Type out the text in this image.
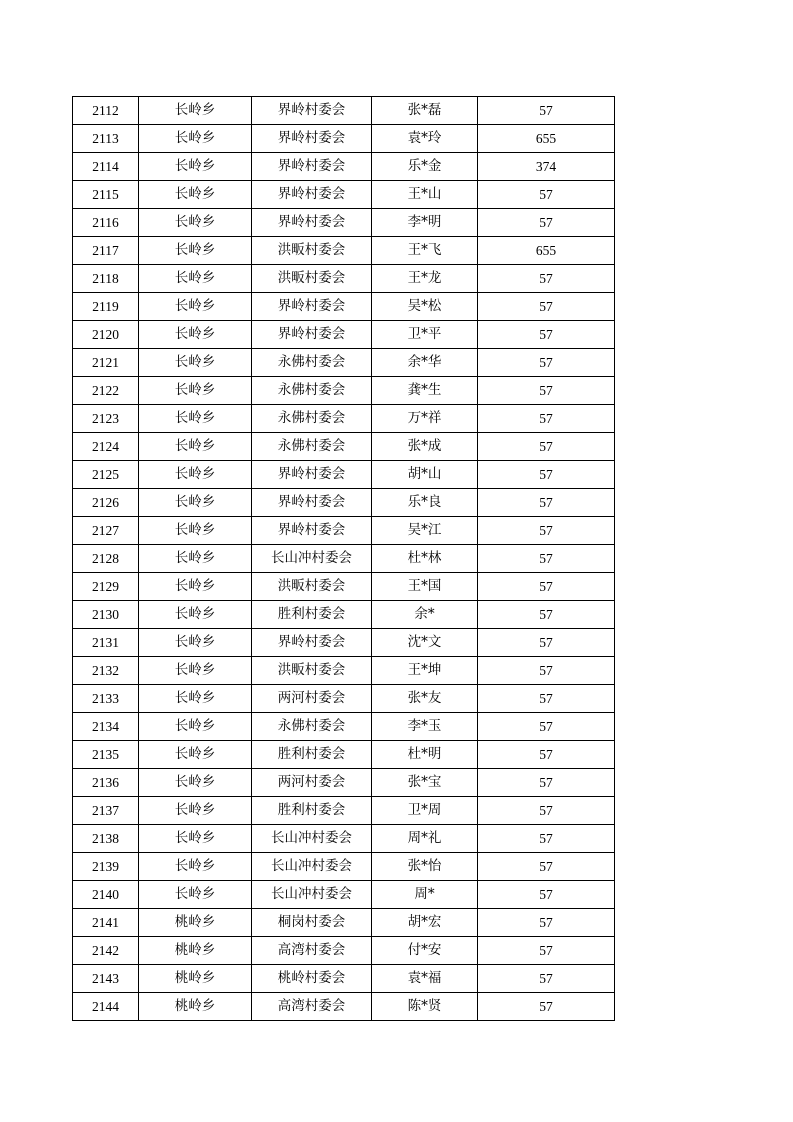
2112	长岭乡	界岭村委会	张*磊	57
2113	长岭乡	界岭村委会	袁*玲	655
2114	长岭乡	界岭村委会	乐*金	374
2115	长岭乡	界岭村委会	王*山	57
2116	长岭乡	界岭村委会	李*明	57
2117	长岭乡	洪畈村委会	王*飞	655
2118	长岭乡	洪畈村委会	王*龙	57
2119	长岭乡	界岭村委会	吴*松	57
2120	长岭乡	界岭村委会	卫*平	57
2121	长岭乡	永佛村委会	余*华	57
2122	长岭乡	永佛村委会	龚*生	57
2123	长岭乡	永佛村委会	万*祥	57
2124	长岭乡	永佛村委会	张*成	57
2125	长岭乡	界岭村委会	胡*山	57
2126	长岭乡	界岭村委会	乐*良	57
2127	长岭乡	界岭村委会	吴*江	57
2128	长岭乡	长山冲村委会	杜*林	57
2129	长岭乡	洪畈村委会	王*国	57
2130	长岭乡	胜利村委会	余*	57
2131	长岭乡	界岭村委会	沈*文	57
2132	长岭乡	洪畈村委会	王*坤	57
2133	长岭乡	两河村委会	张*友	57
2134	长岭乡	永佛村委会	李*玉	57
2135	长岭乡	胜利村委会	杜*明	57
2136	长岭乡	两河村委会	张*宝	57
2137	长岭乡	胜利村委会	卫*周	57
2138	长岭乡	长山冲村委会	周*礼	57
2139	长岭乡	长山冲村委会	张*怡	57
2140	长岭乡	长山冲村委会	周*	57
2141	桃岭乡	桐岗村委会	胡*宏	57
2142	桃岭乡	高湾村委会	付*安	57
2143	桃岭乡	桃岭村委会	袁*福	57
2144	桃岭乡	高湾村委会	陈*贤	57
